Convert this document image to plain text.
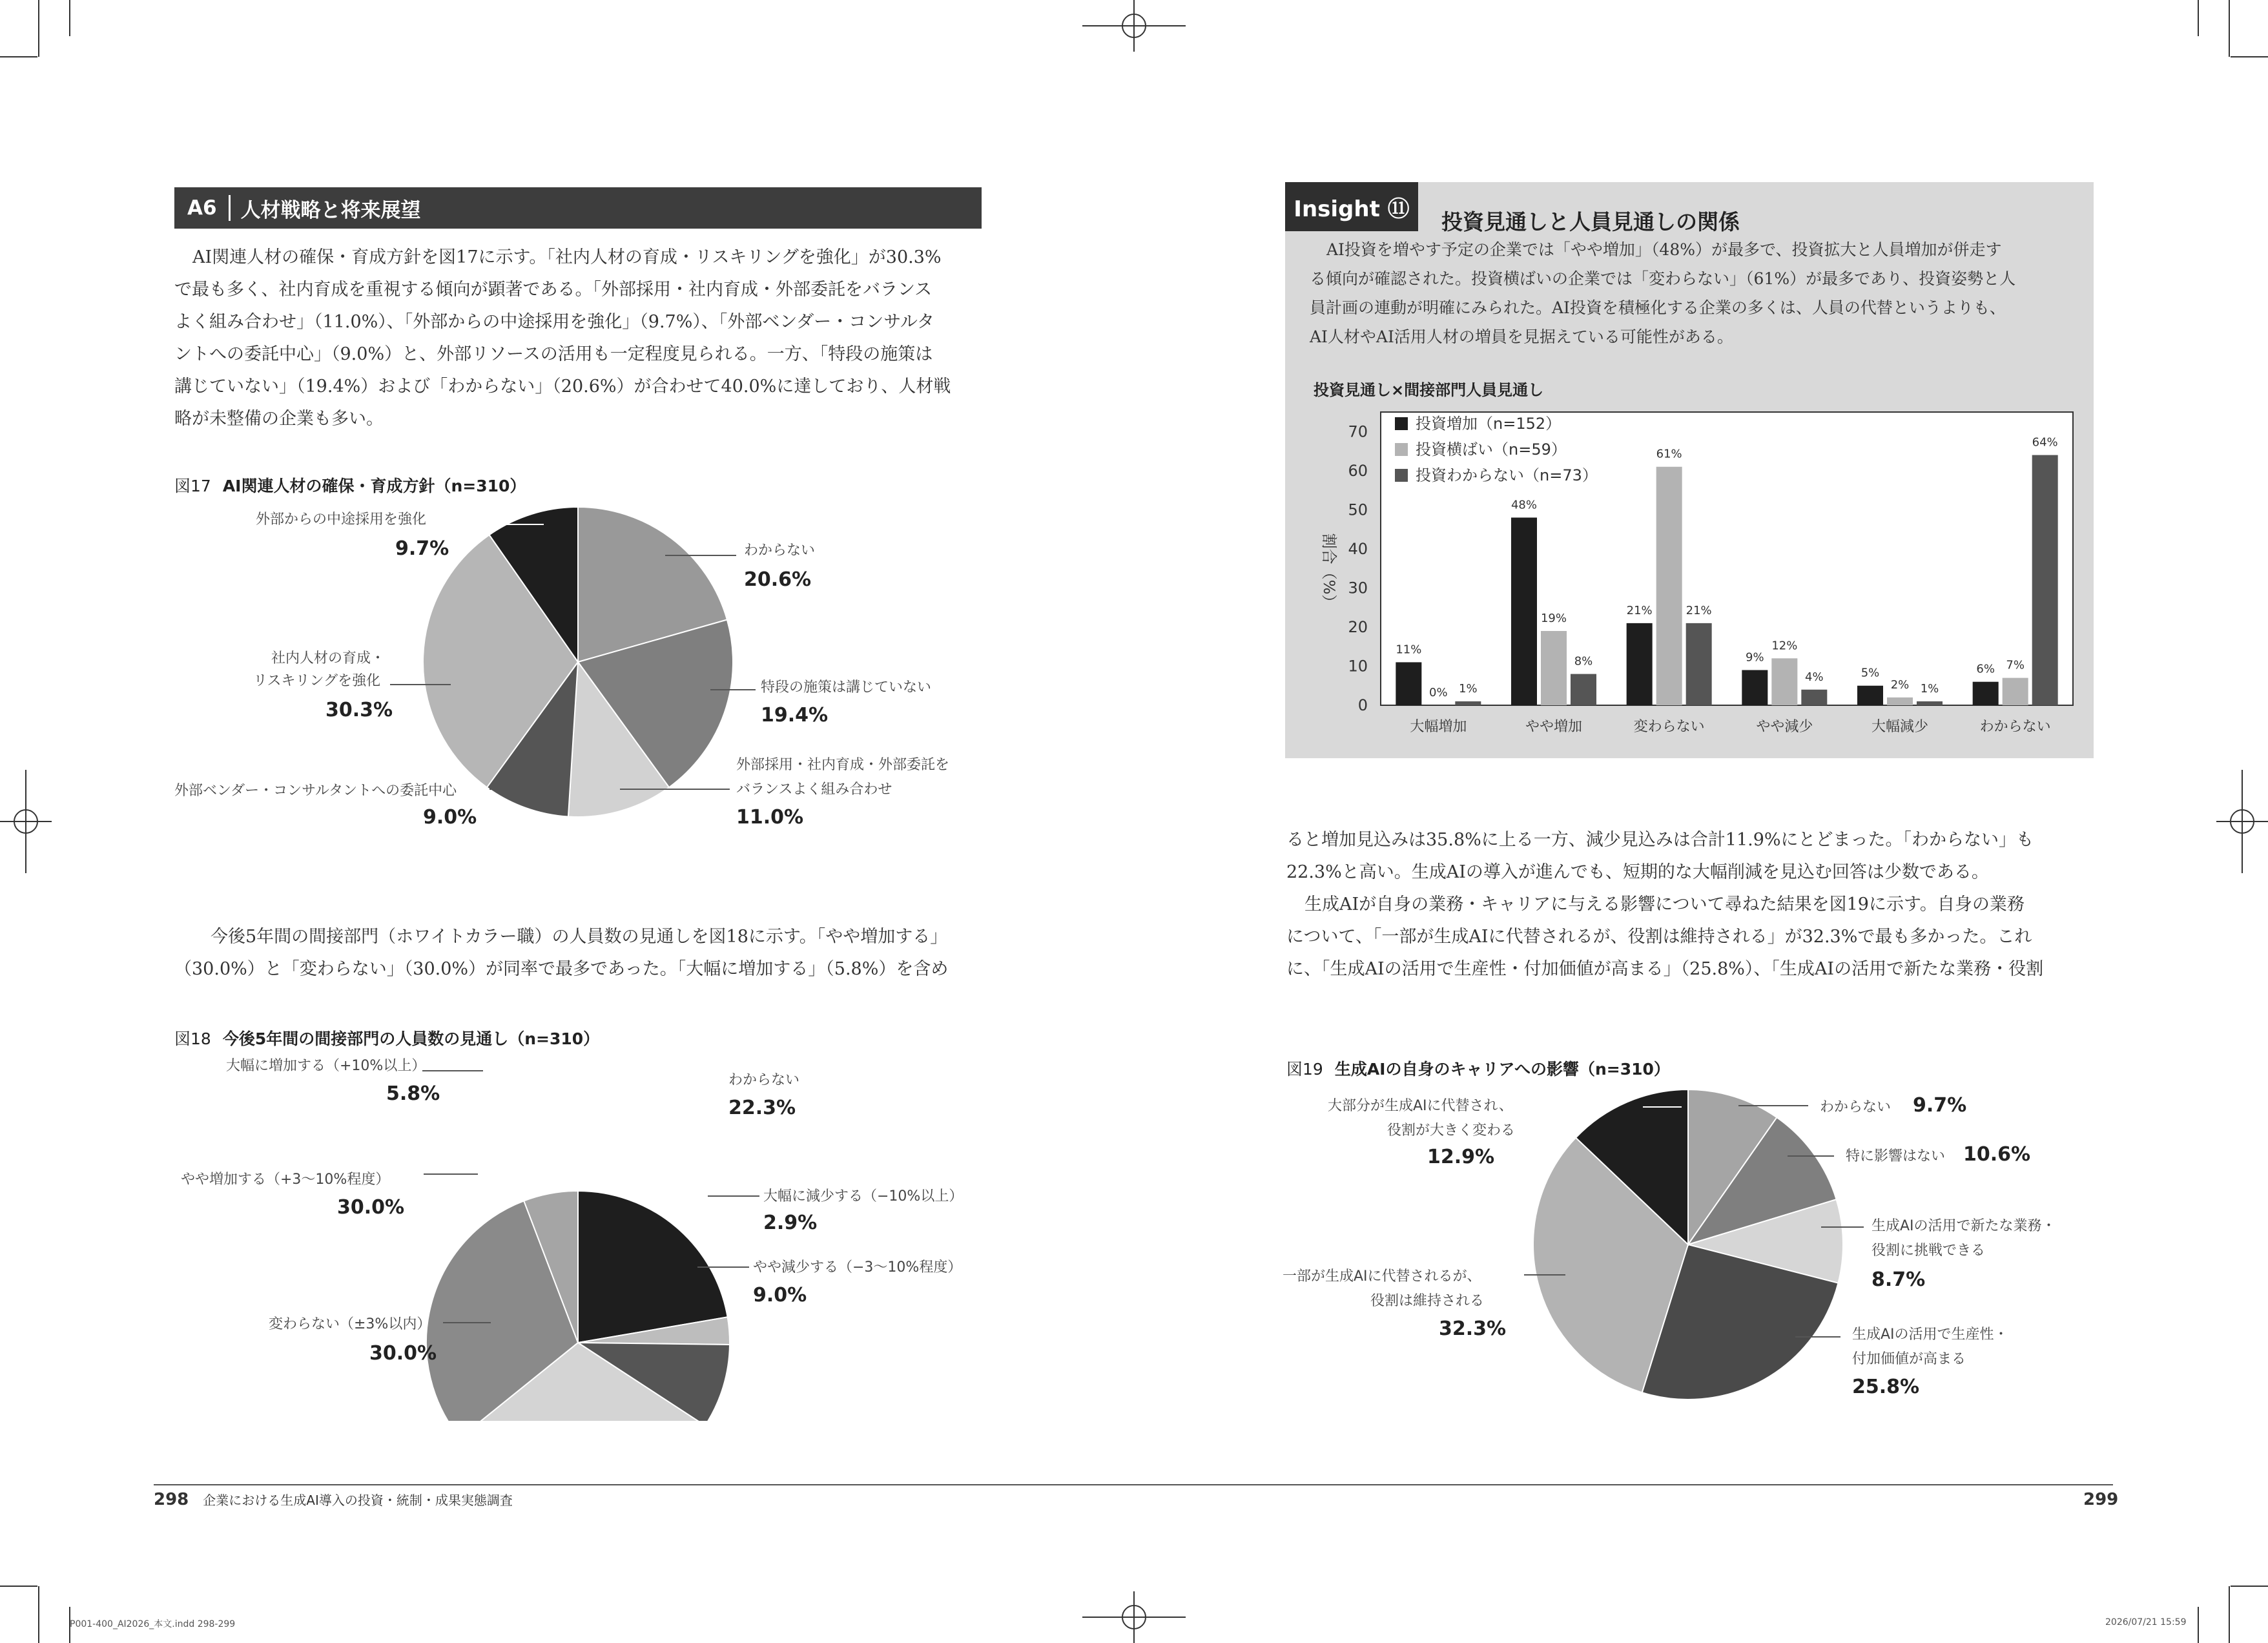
A6	人材戦略と将来展望

AI関連人材の確保・育成方針を図17に示す。「社内人材の育成・リスキリングを強化」が30.3%

で最も多く、社内育成を重視する傾向が顕著である。「外部採用・社内育成・外部委託をバランス

よく組み合わせ」（11.0%）、「外部からの中途採用を強化」（9.7%）、「外部ベンダー・コンサルタ

ントへの委託中心」（9.0%）と、外部リソースの活用も一定程度見られる。一方、「特段の施策は

講じていない」（19.4%）および「わからない」（20.6%）が合わせて40.0%に達しており、人材戦

略が未整備の企業も多い。

図17 AI関連人材の確保・育成方針（n=310）
わからない
20.6%
特段の施策は講じていない
19.4%
外部採用・社内育成・外部委託を
バランスよく組み合わせ
11.0%
外部ベンダー・コンサルタントへの委託中心
9.0%
社内人材の育成・
リスキリングを強化
30.3%
外部からの中途採用を強化
9.7%

今後5年間の間接部門（ホワイトカラー職）の人員数の見通しを図18に示す。「やや増加する」

（30.0%）と「変わらない」（30.0%）が同率で最多であった。「大幅に増加する」（5.8%）を含め

図18 今後5年間の間接部門の人員数の見通し（n=310）
わからない
22.3%
大幅に減少する（−10%以上）
2.9%
やや減少する（−3〜10%程度）
9.0%
変わらない（±3%以内）
30.0%
やや増加する（+3〜10%程度）
30.0%
大幅に増加する（+10%以上）
5.8%
298 企業における生成AI導入の投資・統制・成果実態調査
Insight ⑪	投資見通しと人員見通しの関係

AI投資を増やす予定の企業では「やや増加」（48%）が最多で、投資拡大と人員増加が併走す

る傾向が確認された。投資横ばいの企業では「変わらない」（61%）が最多であり、投資姿勢と人

員計画の連動が明確にみられた。AI投資を積極化する企業の多くは、人員の代替というよりも、

AI人材やAI活用人材の増員を見据えている可能性がある。

投資見通し×間接部門人員見通し
0
10
20
30
40
50
60
70
割合（%）
大幅増加
11%
0% 1%
やや増加
48%
19%
8%
変わらない
21%
61%
21%
やや減少
9%
12%
4%
大幅減少
5%
2% 1%
わからない
6% 7%
64%
投資増加（n=152）
投資横ばい（n=59）
投資わからない（n=73）

ると増加見込みは35.8%に上る一方、減少見込みは合計11.9%にとどまった。「わからない」も

22.3%と高い。生成AIの導入が進んでも、短期的な大幅削減を見込む回答は少数である。

生成AIが自身の業務・キャリアに与える影響について尋ねた結果を図19に示す。自身の業務

について、「一部が生成AIに代替されるが、役割は維持される」が32.3%で最も多かった。これ

に、「生成AIの活用で生産性・付加価値が高まる」（25.8%）、「生成AIの活用で新たな業務・役割

図19 生成AIの自身のキャリアへの影響（n=310）
わからない 9.7%
特に影響はない 10.6%
生成AIの活用で新たな業務・
役割に挑戦できる
8.7%
生成AIの活用で生産性・
付加価値が高まる
25.8%
一部が生成AIに代替されるが、
役割は維持される
32.3%
大部分が生成AIに代替され、
役割が大きく変わる
12.9%
299
P001-400_AI2026_本文.indd 298-299	2026/07/21 15:59
